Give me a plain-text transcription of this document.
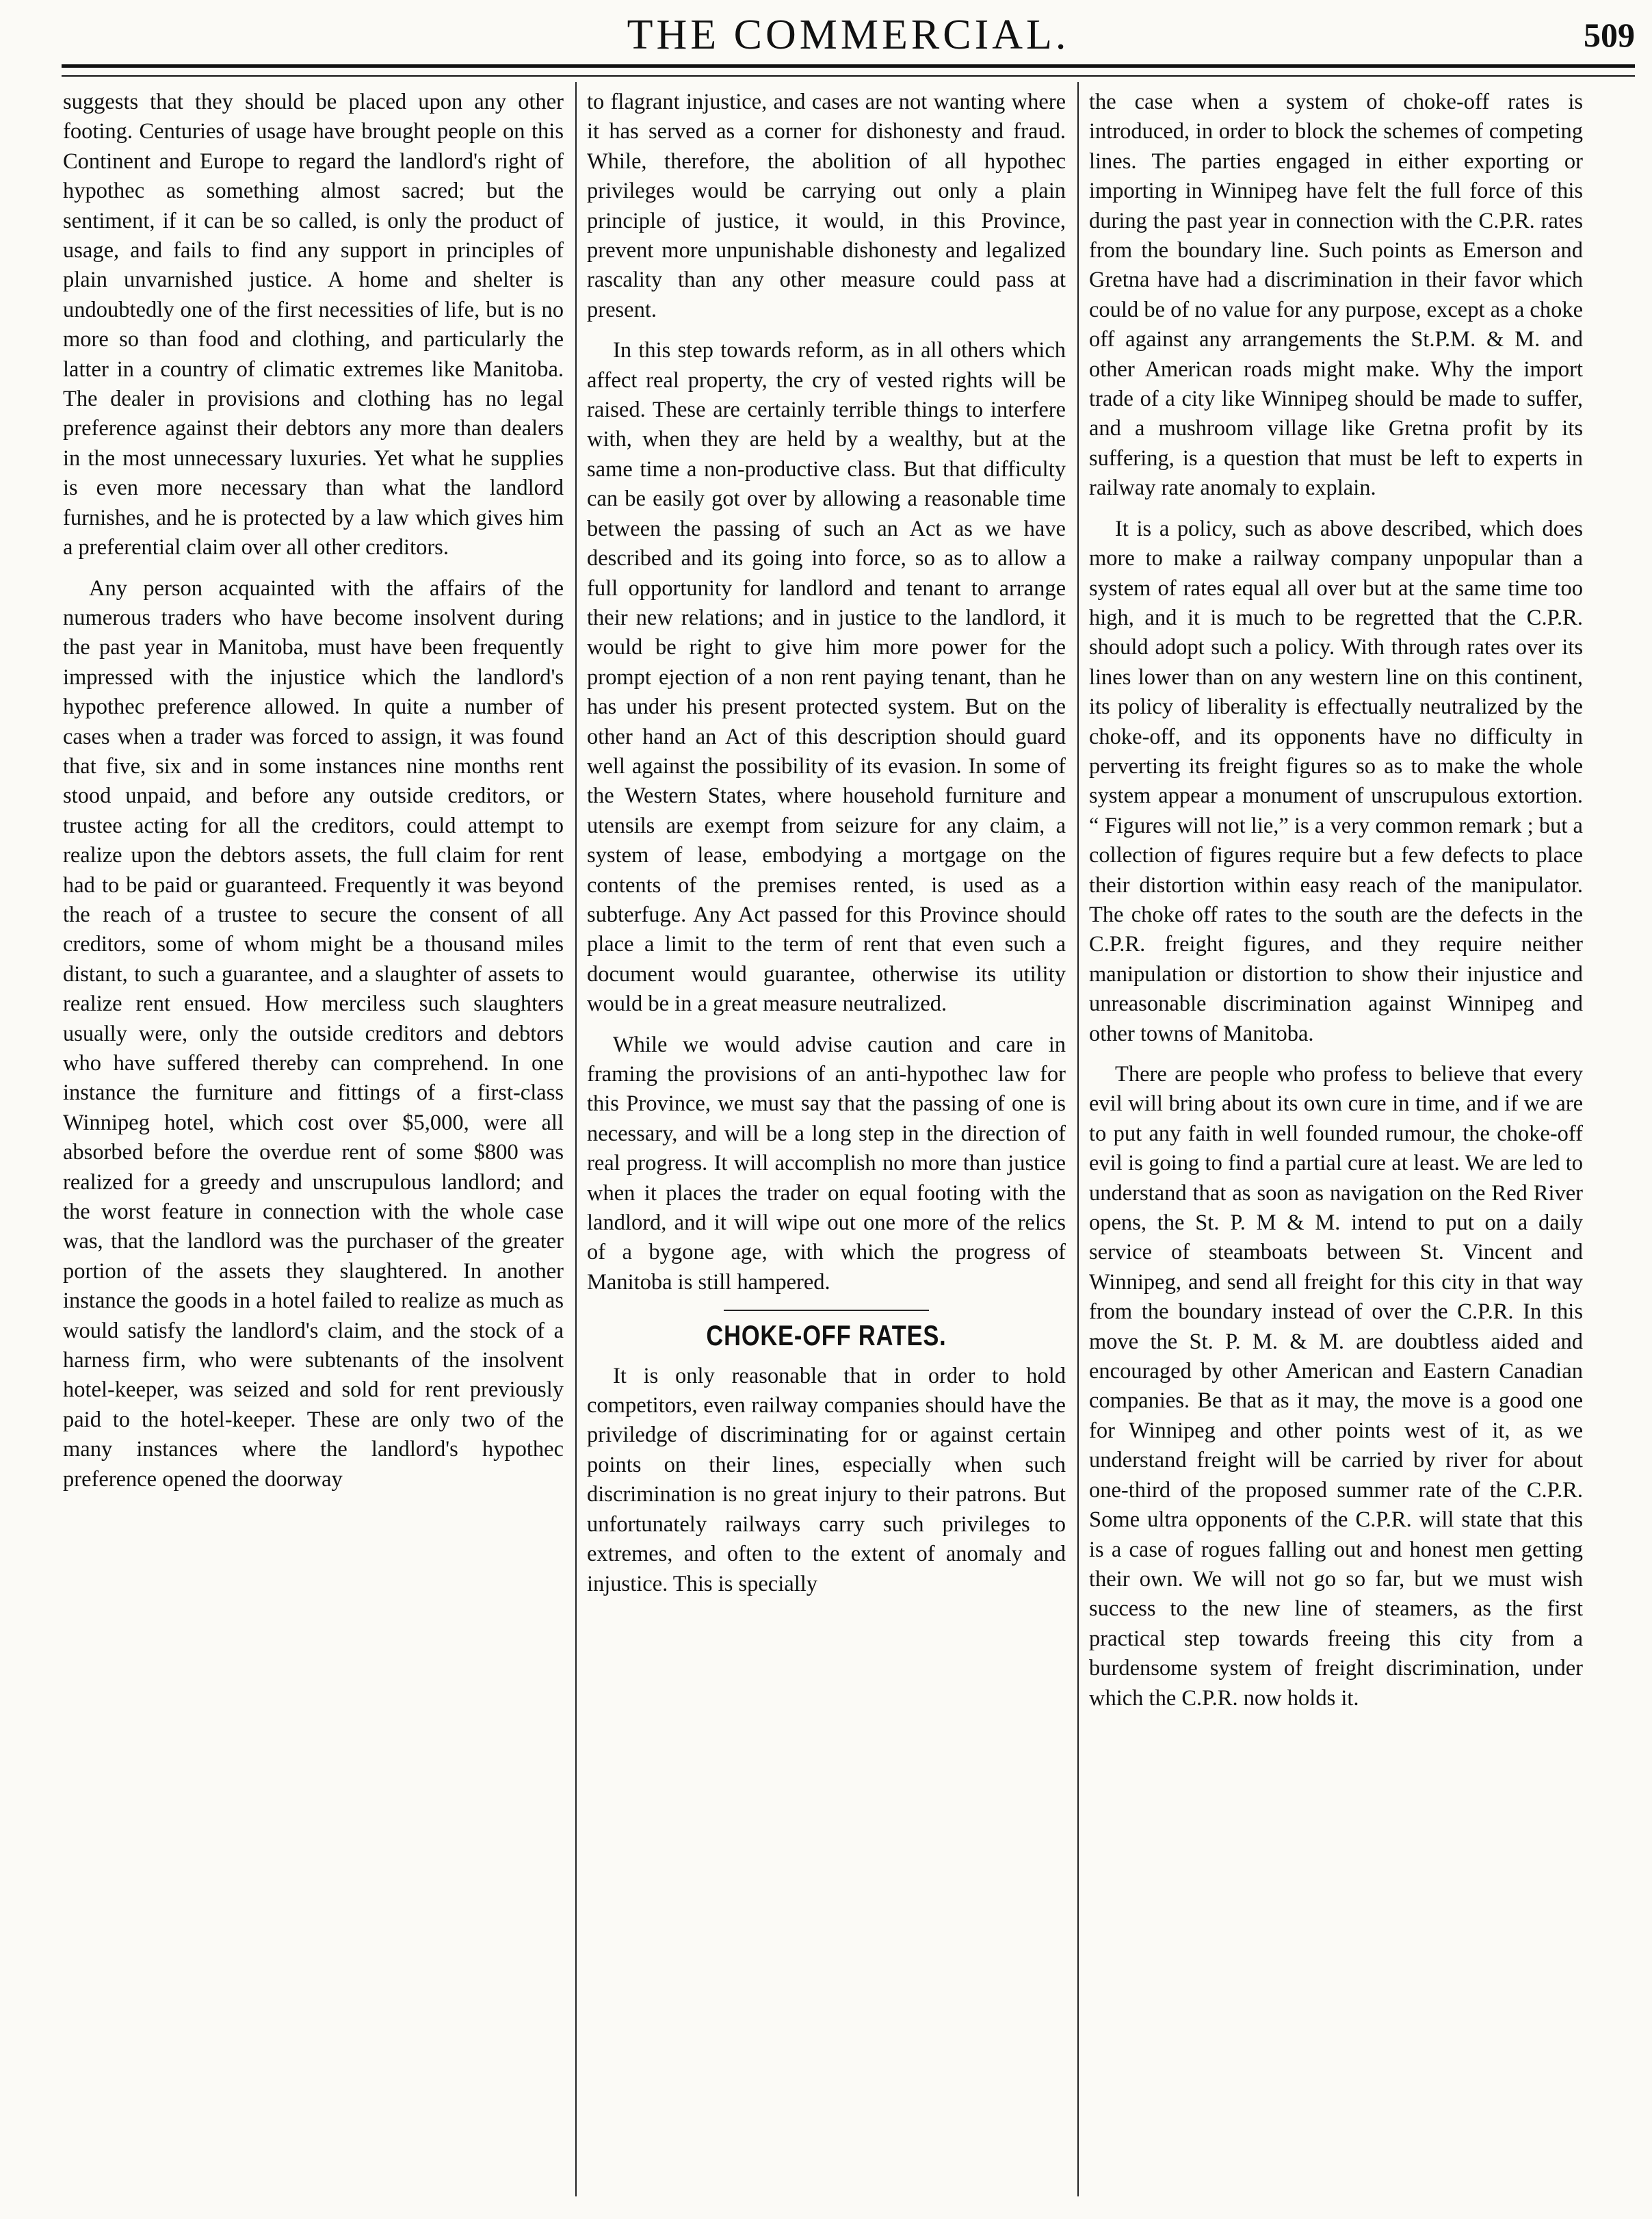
THE COMMERCIAL.	509

suggests that they should be placed upon any other footing. Centuries of usage have brought people on this Continent and Europe to regard the landlord's right of hypothec as something almost sacred; but the sentiment, if it can be so called, is only the product of usage, and fails to find any support in principles of plain unvarnished justice. A home and shelter is undoubtedly one of the first necessities of life, but is no more so than food and clothing, and particularly the latter in a country of climatic extremes like Manitoba. The dealer in provisions and clothing has no legal preference against their debtors any more than dealers in the most unnecessary luxuries. Yet what he supplies is even more necessary than what the landlord furnishes, and he is protected by a law which gives him a preferential claim over all other creditors.

Any person acquainted with the affairs of the numerous traders who have become insolvent during the past year in Manitoba, must have been frequently impressed with the injustice which the landlord's hypothec preference allowed. In quite a number of cases when a trader was forced to assign, it was found that five, six and in some instances nine months rent stood unpaid, and before any outside creditors, or trustee acting for all the creditors, could attempt to realize upon the debtors assets, the full claim for rent had to be paid or guaranteed. Frequently it was beyond the reach of a trustee to secure the consent of all creditors, some of whom might be a thousand miles distant, to such a guarantee, and a slaughter of assets to realize rent ensued. How merciless such slaughters usually were, only the outside creditors and debtors who have suffered thereby can comprehend. In one instance the furniture and fittings of a first-class Winnipeg hotel, which cost over $5,000, were all absorbed before the overdue rent of some $800 was realized for a greedy and unscrupulous landlord; and the worst feature in connection with the whole case was, that the landlord was the purchaser of the greater portion of the assets they slaughtered. In another instance the goods in a hotel failed to realize as much as would satisfy the landlord's claim, and the stock of a harness firm, who were subtenants of the insolvent hotel-keeper, was seized and sold for rent previously paid to the hotel-keeper. These are only two of the many instances where the landlord's hypothec preference opened the doorway

to flagrant injustice, and cases are not wanting where it has served as a corner for dishonesty and fraud. While, therefore, the abolition of all hypothec privileges would be carrying out only a plain principle of justice, it would, in this Province, prevent more unpunishable dishonesty and legalized rascality than any other measure could pass at present.

In this step towards reform, as in all others which affect real property, the cry of vested rights will be raised. These are certainly terrible things to interfere with, when they are held by a wealthy, but at the same time a non-productive class. But that difficulty can be easily got over by allowing a reasonable time between the passing of such an Act as we have described and its going into force, so as to allow a full opportunity for landlord and tenant to arrange their new relations; and in justice to the landlord, it would be right to give him more power for the prompt ejection of a non rent paying tenant, than he has under his present protected system. But on the other hand an Act of this description should guard well against the possibility of its evasion. In some of the Western States, where household furniture and utensils are exempt from seizure for any claim, a system of lease, embodying a mortgage on the contents of the premises rented, is used as a subterfuge. Any Act passed for this Province should place a limit to the term of rent that even such a document would guarantee, otherwise its utility would be in a great measure neutralized.

While we would advise caution and care in framing the provisions of an anti-hypothec law for this Province, we must say that the passing of one is necessary, and will be a long step in the direction of real progress. It will accomplish no more than justice when it places the trader on equal footing with the landlord, and it will wipe out one more of the relics of a bygone age, with which the progress of Manitoba is still hampered.

CHOKE-OFF RATES.

It is only reasonable that in order to hold competitors, even railway companies should have the priviledge of discriminating for or against certain points on their lines, especially when such discrimination is no great injury to their patrons. But unfortunately railways carry such privileges to extremes, and often to the extent of anomaly and injustice. This is specially

the case when a system of choke-off rates is introduced, in order to block the schemes of competing lines. The parties engaged in either exporting or importing in Winnipeg have felt the full force of this during the past year in connection with the C.P.R. rates from the boundary line. Such points as Emerson and Gretna have had a discrimination in their favor which could be of no value for any purpose, except as a choke off against any arrangements the St.P.M. & M. and other American roads might make. Why the import trade of a city like Winnipeg should be made to suffer, and a mushroom village like Gretna profit by its suffering, is a question that must be left to experts in railway rate anomaly to explain.

It is a policy, such as above described, which does more to make a railway company unpopular than a system of rates equal all over but at the same time too high, and it is much to be regretted that the C.P.R. should adopt such a policy. With through rates over its lines lower than on any western line on this continent, its policy of liberality is effectually neutralized by the choke-off, and its opponents have no difficulty in perverting its freight figures so as to make the whole system appear a monument of unscrupulous extortion. “ Figures will not lie,” is a very common remark ; but a collection of figures require but a few defects to place their distortion within easy reach of the manipulator. The choke off rates to the south are the defects in the C.P.R. freight figures, and they require neither manipulation or distortion to show their injustice and unreasonable discrimination against Winnipeg and other towns of Manitoba.

There are people who profess to believe that every evil will bring about its own cure in time, and if we are to put any faith in well founded rumour, the choke-off evil is going to find a partial cure at least. We are led to understand that as soon as navigation on the Red River opens, the St. P. M & M. intend to put on a daily service of steamboats between St. Vincent and Winnipeg, and send all freight for this city in that way from the boundary instead of over the C.P.R. In this move the St. P. M. & M. are doubtless aided and encouraged by other American and Eastern Canadian companies. Be that as it may, the move is a good one for Winnipeg and other points west of it, as we understand freight will be carried by river for about one-third of the proposed summer rate of the C.P.R. Some ultra opponents of the C.P.R. will state that this is a case of rogues falling out and honest men getting their own. We will not go so far, but we must wish success to the new line of steamers, as the first practical step towards freeing this city from a burdensome system of freight discrimination, under which the C.P.R. now holds it.
